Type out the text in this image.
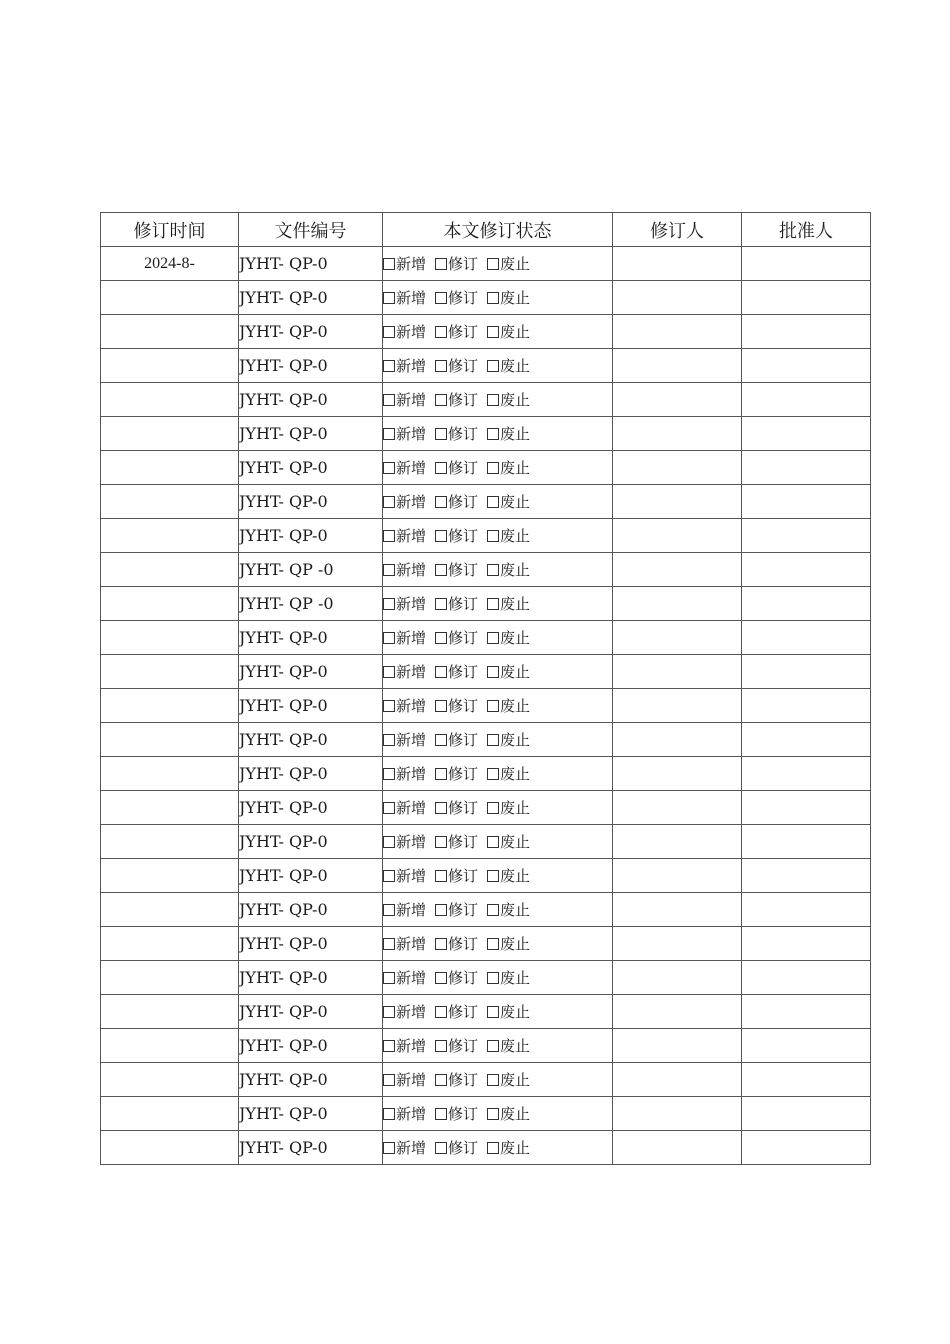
修订时间	文件编号	本文修订状态	修订人	批准人
2024-8-	JYHT- QP-0	新增 修订 废止		
	JYHT- QP-0	新增 修订 废止		
	JYHT- QP-0	新增 修订 废止		
	JYHT- QP-0	新增 修订 废止		
	JYHT- QP-0	新增 修订 废止		
	JYHT- QP-0	新增 修订 废止		
	JYHT- QP-0	新增 修订 废止		
	JYHT- QP-0	新增 修订 废止		
	JYHT- QP-0	新增 修订 废止		
	JYHT- QP -0	新增 修订 废止		
	JYHT- QP -0	新增 修订 废止		
	JYHT- QP-0	新增 修订 废止		
	JYHT- QP-0	新增 修订 废止		
	JYHT- QP-0	新增 修订 废止		
	JYHT- QP-0	新增 修订 废止		
	JYHT- QP-0	新增 修订 废止		
	JYHT- QP-0	新增 修订 废止		
	JYHT- QP-0	新增 修订 废止		
	JYHT- QP-0	新增 修订 废止		
	JYHT- QP-0	新增 修订 废止		
	JYHT- QP-0	新增 修订 废止		
	JYHT- QP-0	新增 修订 废止		
	JYHT- QP-0	新增 修订 废止		
	JYHT- QP-0	新增 修订 废止		
	JYHT- QP-0	新增 修订 废止		
	JYHT- QP-0	新增 修订 废止		
	JYHT- QP-0	新增 修订 废止		
